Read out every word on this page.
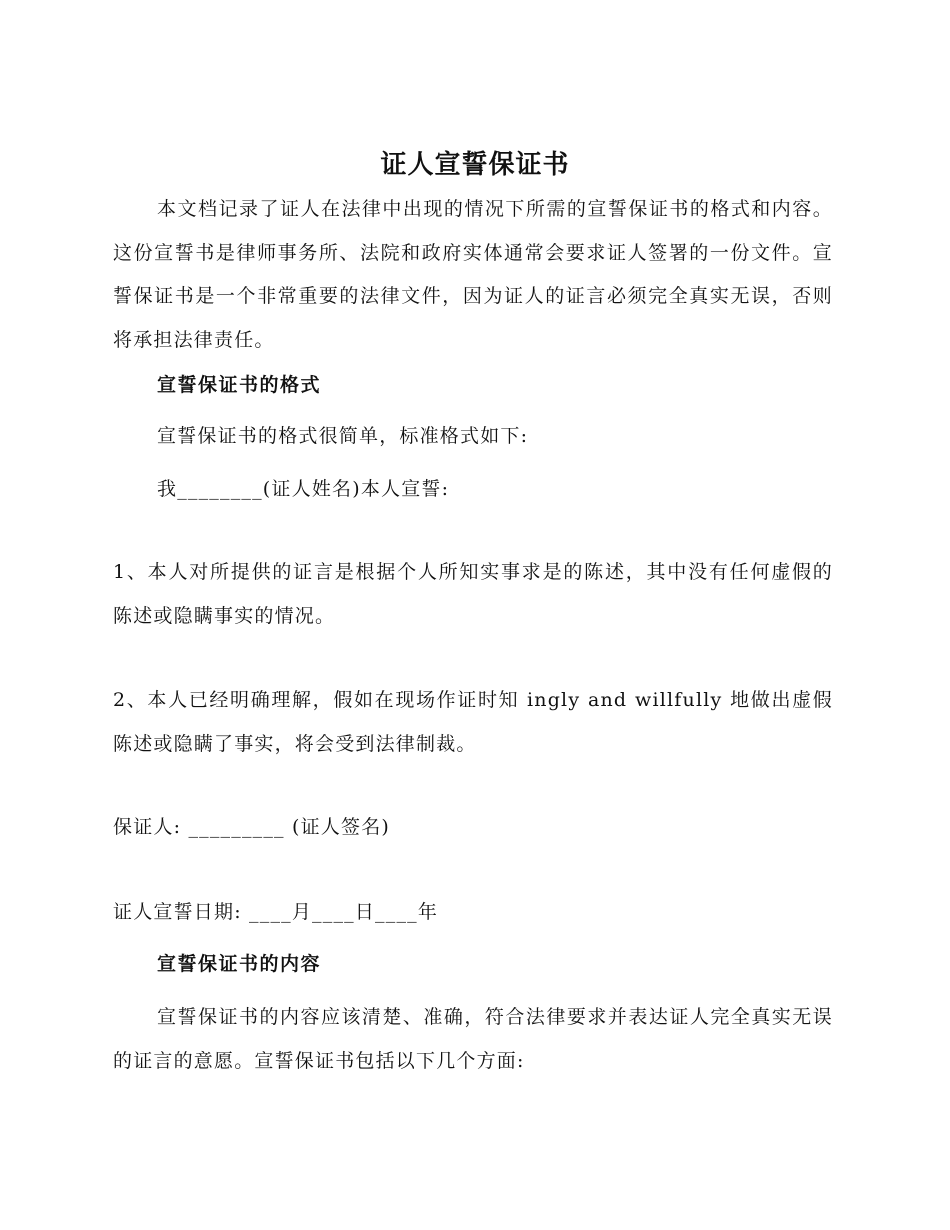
证人宣誓保证书
本文档记录了证人在法律中出现的情况下所需的宣誓保证书的格式和内容。这份宣誓书是律师事务所、法院和政府实体通常会要求证人签署的一份文件。宣誓保证书是一个非常重要的法律文件，因为证人的证言必须完全真实无误，否则将承担法律责任。
宣誓保证书的格式
宣誓保证书的格式很简单，标准格式如下:
我________(证人姓名)本人宣誓:
1、本人对所提供的证言是根据个人所知实事求是的陈述，其中没有任何虚假的陈述或隐瞒事实的情况。
2、本人已经明确理解，假如在现场作证时知 ingly and willfully 地做出虚假陈述或隐瞒了事实，将会受到法律制裁。
保证人: _________ (证人签名)
证人宣誓日期: ____月____日____年
宣誓保证书的内容
宣誓保证书的内容应该清楚、准确，符合法律要求并表达证人完全真实无误的证言的意愿。宣誓保证书包括以下几个方面:
